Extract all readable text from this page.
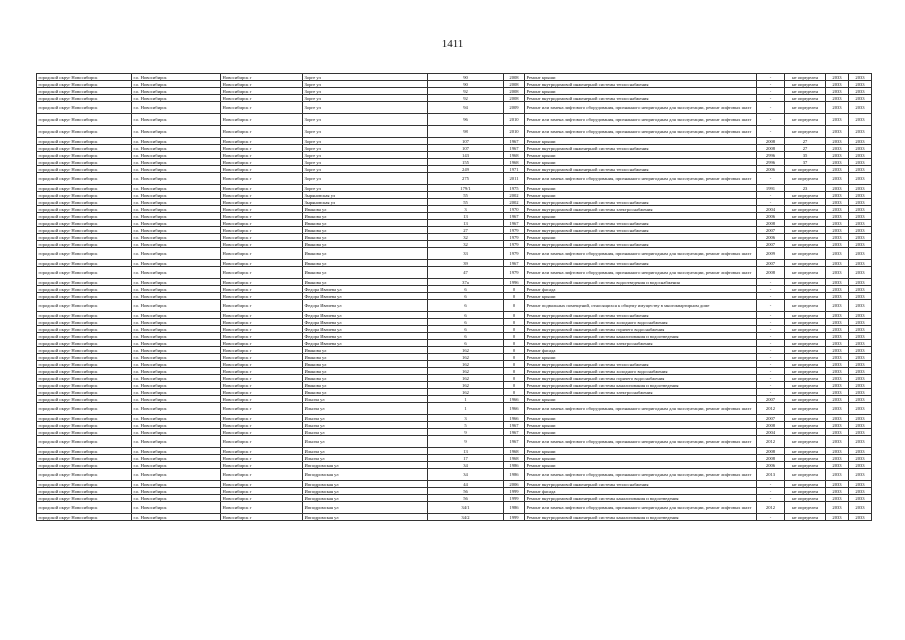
1411
городской округ Новосибирск	г.о. Новосибирск	Новосибирск г	Зорге ул	90	2008	Ремонт крыши	-	не определен	2033	2033
городской округ Новосибирск	г.о. Новосибирск	Новосибирск г	Зорге ул	90	2008	Ремонт внутридомовой инженерной системы теплоснабжения	-	не определен	2033	2033
городской округ Новосибирск	г.о. Новосибирск	Новосибирск г	Зорге ул	92	2008	Ремонт крыши	-	не определен	2033	2033
городской округ Новосибирск	г.о. Новосибирск	Новосибирск г	Зорге ул	92	2008	Ремонт внутридомовой инженерной системы теплоснабжения	-	не определен	2033	2033
городской округ Новосибирск	г.о. Новосибирск	Новосибирск г	Зорге ул	94	2009	Ремонт или замена лифтового оборудования, признанного непригодным для эксплуатации, ремонт лифтовых шахт	-	не определен	2033	2033
городской округ Новосибирск	г.о. Новосибирск	Новосибирск г	Зорге ул	96	2010	Ремонт или замена лифтового оборудования, признанного непригодным для эксплуатации, ремонт лифтовых шахт	-	не определен	2033	2033
городской округ Новосибирск	г.о. Новосибирск	Новосибирск г	Зорге ул	98	2010	Ремонт или замена лифтового оборудования, признанного непригодным для эксплуатации, ремонт лифтовых шахт	-	не определен	2033	2033
городской округ Новосибирск	г.о. Новосибирск	Новосибирск г	Зорге ул	107	1967	Ремонт крыши	2008	27	2033	2033
городской округ Новосибирск	г.о. Новосибирск	Новосибирск г	Зорге ул	107	1967	Ремонт внутридомовой инженерной системы теплоснабжения	2008	27	2033	2033
городской округ Новосибирск	г.о. Новосибирск	Новосибирск г	Зорге ул	143	1968	Ремонт крыши	2996	35	2033	2033
городской округ Новосибирск	г.о. Новосибирск	Новосибирск г	Зорге ул	155	1968	Ремонт крыши	2996	37	2033	2033
городской округ Новосибирск	г.о. Новосибирск	Новосибирск г	Зорге ул	249	1971	Ремонт внутридомовой инженерной системы теплоснабжения	2006	не определен	2033	2033
городской округ Новосибирск	г.о. Новосибирск	Новосибирск г	Зорге ул	275	2011	Ремонт или замена лифтового оборудования, признанного непригодным для эксплуатации, ремонт лифтовых шахт	-	не определен	2033	2033
городской округ Новосибирск	г.о. Новосибирск	Новосибирск г	Зорге ул	179/1	1975	Ремонт крыши	1991	23	2033	2033
городской округ Новосибирск	г.о. Новосибирск	Новосибирск г	Зыряновская ул	55	2002	Ремонт крыши	-	не определен	2033	2033
городской округ Новосибирск	г.о. Новосибирск	Новосибирск г	Зыряновская ул	55	2002	Ремонт внутридомовой инженерной системы теплоснабжения	-	не определен	2033	2033
городской округ Новосибирск	г.о. Новосибирск	Новосибирск г	Иванова ул	3	1970	Ремонт внутридомовой инженерной системы электроснабжения	2004	не определен	2033	2033
городской округ Новосибирск	г.о. Новосибирск	Новосибирск г	Иванова ул	13	1967	Ремонт крыши	2006	не определен	2033	2033
городской округ Новосибирск	г.о. Новосибирск	Новосибирск г	Иванова ул	13	1967	Ремонт внутридомовой инженерной системы теплоснабжения	2008	не определен	2033	2033
городской округ Новосибирск	г.о. Новосибирск	Новосибирск г	Иванова ул	27	1979	Ремонт внутридомовой инженерной системы теплоснабжения	2007	не определен	2033	2033
городской округ Новосибирск	г.о. Новосибирск	Новосибирск г	Иванова ул	32	1979	Ремонт крыши	2006	не определен	2033	2033
городской округ Новосибирск	г.о. Новосибирск	Новосибирск г	Иванова ул	32	1979	Ремонт внутридомовой инженерной системы теплоснабжения	2007	не определен	2033	2033
городской округ Новосибирск	г.о. Новосибирск	Новосибирск г	Иванова ул	33	1979	Ремонт или замена лифтового оборудования, признанного непригодным для эксплуатации, ремонт лифтовых шахт	2009	не определен	2033	2033
городской округ Новосибирск	г.о. Новосибирск	Новосибирск г	Иванова ул	39	1967	Ремонт внутридомовой инженерной системы теплоснабжения	2007	не определен	2033	2033
городской округ Новосибирск	г.о. Новосибирск	Новосибирск г	Иванова ул	47	1979	Ремонт или замена лифтового оборудования, признанного непригодным для эксплуатации, ремонт лифтовых шахт	2008	не определен	2033	2033
городской округ Новосибирск	г.о. Новосибирск	Новосибирск г	Иванова ул	37а	1996	Ремонт внутридомовой инженерной системы водоотведения и водоснабжения	-	не определен	2033	2033
городской округ Новосибирск	г.о. Новосибирск	Новосибирск г	Федора Ивачева ул	6	0	Ремонт фасада	-	не определен	2033	2033
городской округ Новосибирск	г.о. Новосибирск	Новосибирск г	Федора Ивачева ул	6	0	Ремонт крыши	-	не определен	2033	2033
городской округ Новосибирск	г.о. Новосибирск	Новосибирск г	Федора Ивачева ул	6	0	Ремонт подвальных помещений, относящихся к общему имуществу в многоквартирном доме	-	не определен	2033	2033
городской округ Новосибирск	г.о. Новосибирск	Новосибирск г	Федора Ивачева ул	6	0	Ремонт внутридомовой инженерной системы теплоснабжения	-	не определен	2033	2033
городской округ Новосибирск	г.о. Новосибирск	Новосибирск г	Федора Ивачева ул	6	0	Ремонт внутридомовой инженерной системы холодного водоснабжения	-	не определен	2033	2033
городской округ Новосибирск	г.о. Новосибирск	Новосибирск г	Федора Ивачева ул	6	0	Ремонт внутридомовой инженерной системы горячего водоснабжения	-	не определен	2033	2033
городской округ Новосибирск	г.о. Новосибирск	Новосибирск г	Федора Ивачева ул	6	0	Ремонт внутридомовой инженерной системы канализования и водоотведения	-	не определен	2033	2033
городской округ Новосибирск	г.о. Новосибирск	Новосибирск г	Федора Ивачева ул	6	0	Ремонт внутридомовой инженерной системы электроснабжения	-	не определен	2033	2033
городской округ Новосибирск	г.о. Новосибирск	Новосибирск г	Иванова ул	162	0	Ремонт фасада	-	не определен	2033	2033
городской округ Новосибирск	г.о. Новосибирск	Новосибирск г	Иванова ул	162	0	Ремонт крыши	-	не определен	2033	2033
городской округ Новосибирск	г.о. Новосибирск	Новосибирск г	Иванова ул	162	0	Ремонт внутридомовой инженерной системы теплоснабжения	-	не определен	2033	2033
городской округ Новосибирск	г.о. Новосибирск	Новосибирск г	Иванова ул	162	0	Ремонт внутридомовой инженерной системы холодного водоснабжения	-	не определен	2033	2033
городской округ Новосибирск	г.о. Новосибирск	Новосибирск г	Иванова ул	162	0	Ремонт внутридомовой инженерной системы горячего водоснабжения	-	не определен	2033	2033
городской округ Новосибирск	г.о. Новосибирск	Новосибирск г	Иванова ул	162	0	Ремонт внутридомовой инженерной системы канализования и водоотведения	-	не определен	2033	2033
городской округ Новосибирск	г.о. Новосибирск	Новосибирск г	Иванова ул	162	0	Ремонт внутридомовой инженерной системы электроснабжения	-	не определен	2033	2033
городской округ Новосибирск	г.о. Новосибирск	Новосибирск г	Ильича ул	1	1966	Ремонт крыши	2007	не определен	2033	2033
городской округ Новосибирск	г.о. Новосибирск	Новосибирск г	Ильича ул	1	1966	Ремонт или замена лифтового оборудования, признанного непригодным для эксплуатации, ремонт лифтовых шахт	2012	не определен	2033	2033
городской округ Новосибирск	г.о. Новосибирск	Новосибирск г	Ильича ул	3	1966	Ремонт крыши	2007	не определен	2033	2033
городской округ Новосибирск	г.о. Новосибирск	Новосибирск г	Ильича ул	5	1967	Ремонт крыши	2008	не определен	2033	2033
городской округ Новосибирск	г.о. Новосибирск	Новосибирск г	Ильича ул	9	1967	Ремонт крыши	2004	не определен	2033	2033
городской округ Новосибирск	г.о. Новосибирск	Новосибирск г	Ильича ул	9	1967	Ремонт или замена лифтового оборудования, признанного непригодным для эксплуатации, ремонт лифтовых шахт	2012	не определен	2033	2033
городской округ Новосибирск	г.о. Новосибирск	Новосибирск г	Ильича ул	13	1968	Ремонт крыши	2008	не определен	2033	2033
городской округ Новосибирск	г.о. Новосибирск	Новосибирск г	Ильича ул	17	1968	Ремонт крыши	2008	не определен	2033	2033
городской округ Новосибирск	г.о. Новосибирск	Новосибирск г	Ипподромская ул	34	1986	Ремонт крыши	2006	не определен	2033	2033
городской округ Новосибирск	г.о. Новосибирск	Новосибирск г	Ипподромская ул	34	1986	Ремонт или замена лифтового оборудования, признанного непригодным для эксплуатации, ремонт лифтовых шахт	2013	не определен	2033	2033
городской округ Новосибирск	г.о. Новосибирск	Новосибирск г	Ипподромская ул	44	2006	Ремонт внутридомовой инженерной системы теплоснабжения	-	не определен	2033	2033
городской округ Новосибирск	г.о. Новосибирск	Новосибирск г	Ипподромская ул	56	1999	Ремонт фасада	-	не определен	2033	2033
городской округ Новосибирск	г.о. Новосибирск	Новосибирск г	Ипподромская ул	56	1999	Ремонт внутридомовой инженерной системы канализования и водоотведения	-	не определен	2033	2033
городской округ Новосибирск	г.о. Новосибирск	Новосибирск г	Ипподромская ул	34/1	1986	Ремонт или замена лифтового оборудования, признанного непригодным для эксплуатации, ремонт лифтовых шахт	2012	не определен	2033	2033
городской округ Новосибирск	г.о. Новосибирск	Новосибирск г	Ипподромская ул	34/2	1999	Ремонт внутридомовой инженерной системы канализования и водоотведения	-	не определен	2033	2033
